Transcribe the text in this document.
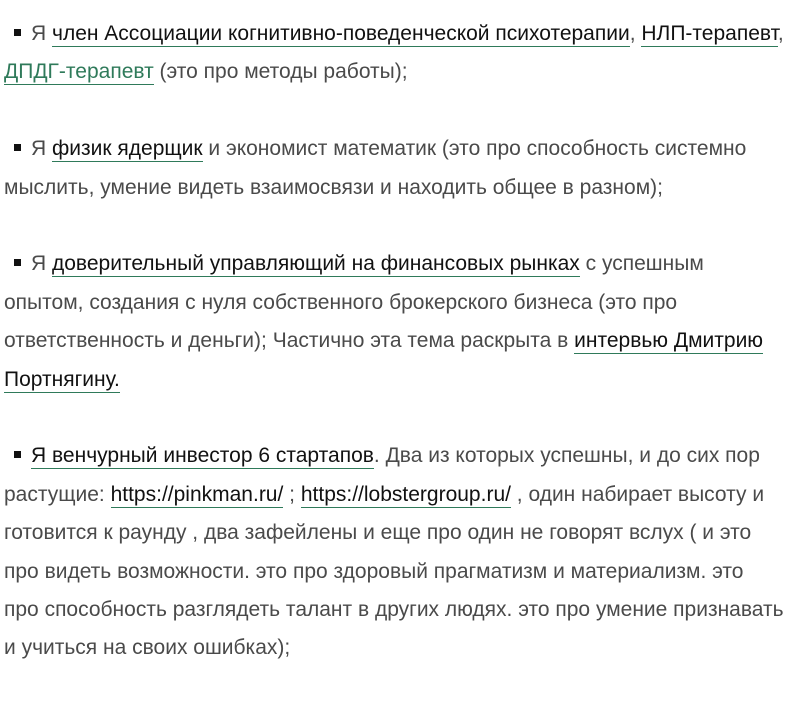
Я член Ассоциации когнитивно-поведенческой психотерапии, НЛП-терапевт, ДПДГ-терапевт (это про методы работы);

Я физик ядерщик и экономист математик (это про способность системно мыслить, умение видеть взаимосвязи и находить общее в разном);

Я доверительный управляющий на финансовых рынках с успешным опытом, создания с нуля собственного брокерского бизнеса (это про ответственность и деньги); Частично эта тема раскрыта в интервью Дмитрию Портнягину.

Я венчурный инвестор 6 стартапов. Два из которых успешны, и до сих пор растущие: https://pinkman.ru/ ; https://lobstergroup.ru/ , один набирает высоту и готовится к раунду , два зафейлены и еще про один не говорят вслух ( и это про видеть возможности. это про здоровый прагматизм и материализм. это про способность разглядеть талант в других людях. это про умение признавать и учиться на своих ошибках);
